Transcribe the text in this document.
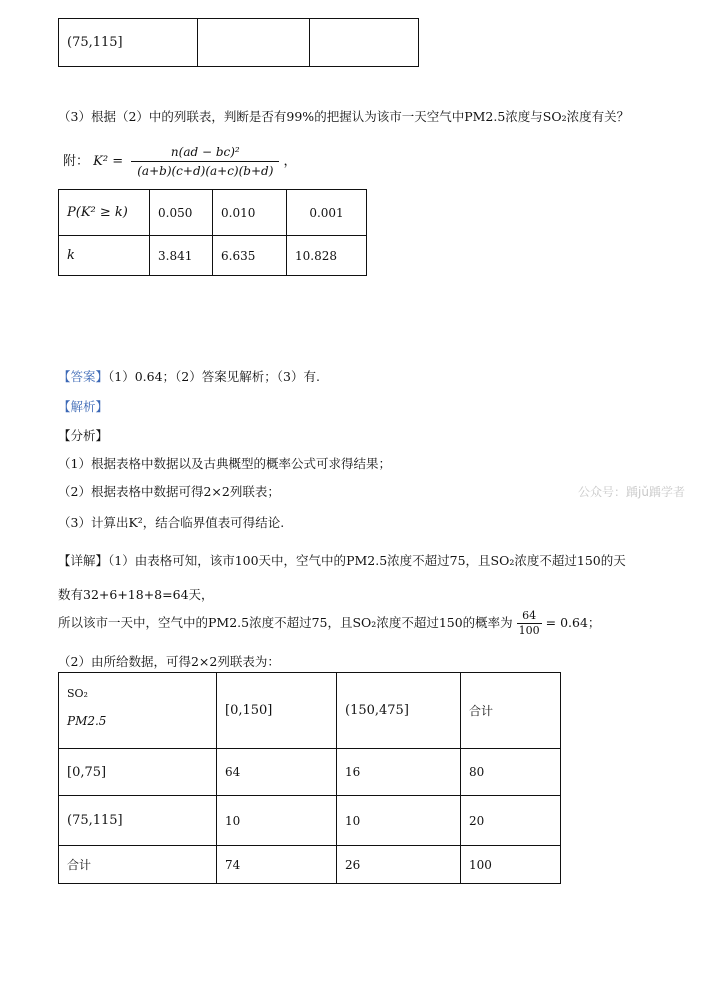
(75,115]		
（3）根据（2）中的列联表，判断是否有99%的把握认为该市一天空气中PM2.5浓度与SO₂浓度有关？
附： $K^2 = \frac{\text{n(ad − bc)²}}{(a+b)(c+d)(a+c)(b+d)}$ ，
P(K² ≥ k)	0.050	0.010	0.001
k	3.841	6.635	10.828
【答案】（1）0.64；（2）答案见解析；（3）有.
【解析】
【分析】
（1）根据表格中数据以及古典概型的概率公式可求得结果；
（2）根据表格中数据可得2×2列联表；
（3）计算出K²，结合临界值表可得结论.
公众号：踽jǔ踽学者
【详解】（1）由表格可知，该市100天中，空气中的PM2.5浓度不超过75，且SO₂浓度不超过150的天
数有32+6+18+8=64天，
所以该市一天中，空气中的PM2.5浓度不超过75，且SO₂浓度不超过150的概率为 $\frac{64}{100} = 0.64$；
（2）由所给数据，可得2×2列联表为：
SO₂
PM2.5	[0,150]	(150,475]	合计
[0,75]	64	16	80
(75,115]	10	10	20
合计	74	26	100
